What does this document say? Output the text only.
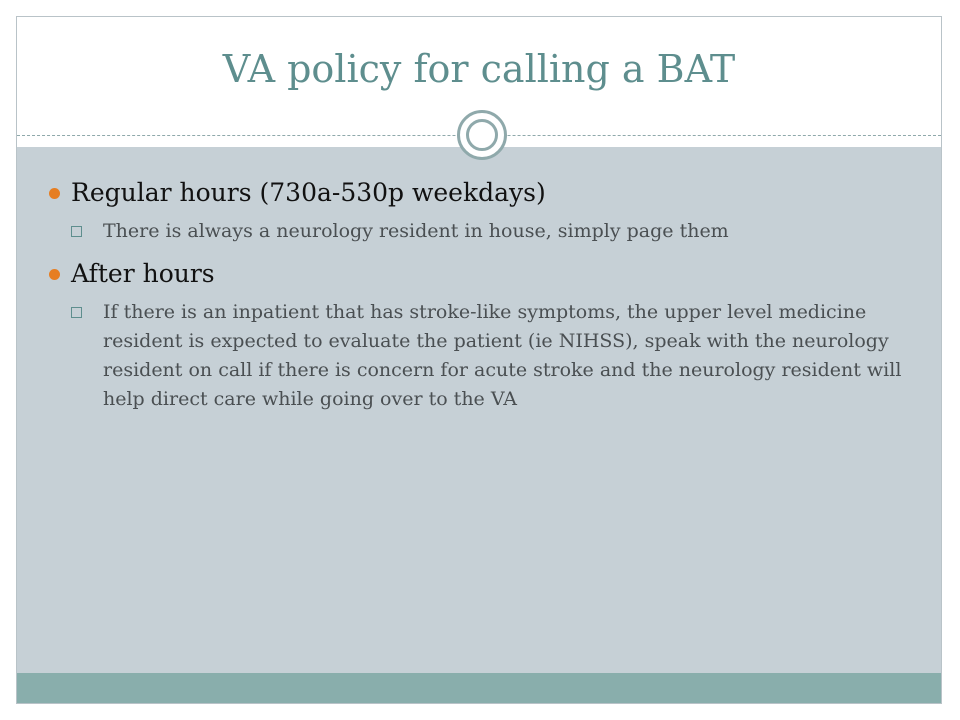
VA policy for calling a BAT

Regular hours (730a-530p weekdays)

There is always a neurology resident in house, simply page them

After hours

If there is an inpatient that has stroke-like symptoms, the upper level medicine resident is expected to evaluate the patient (ie NIHSS), speak with the neurology resident on call if there is concern for acute stroke and the neurology resident will help direct care while going over to the VA
